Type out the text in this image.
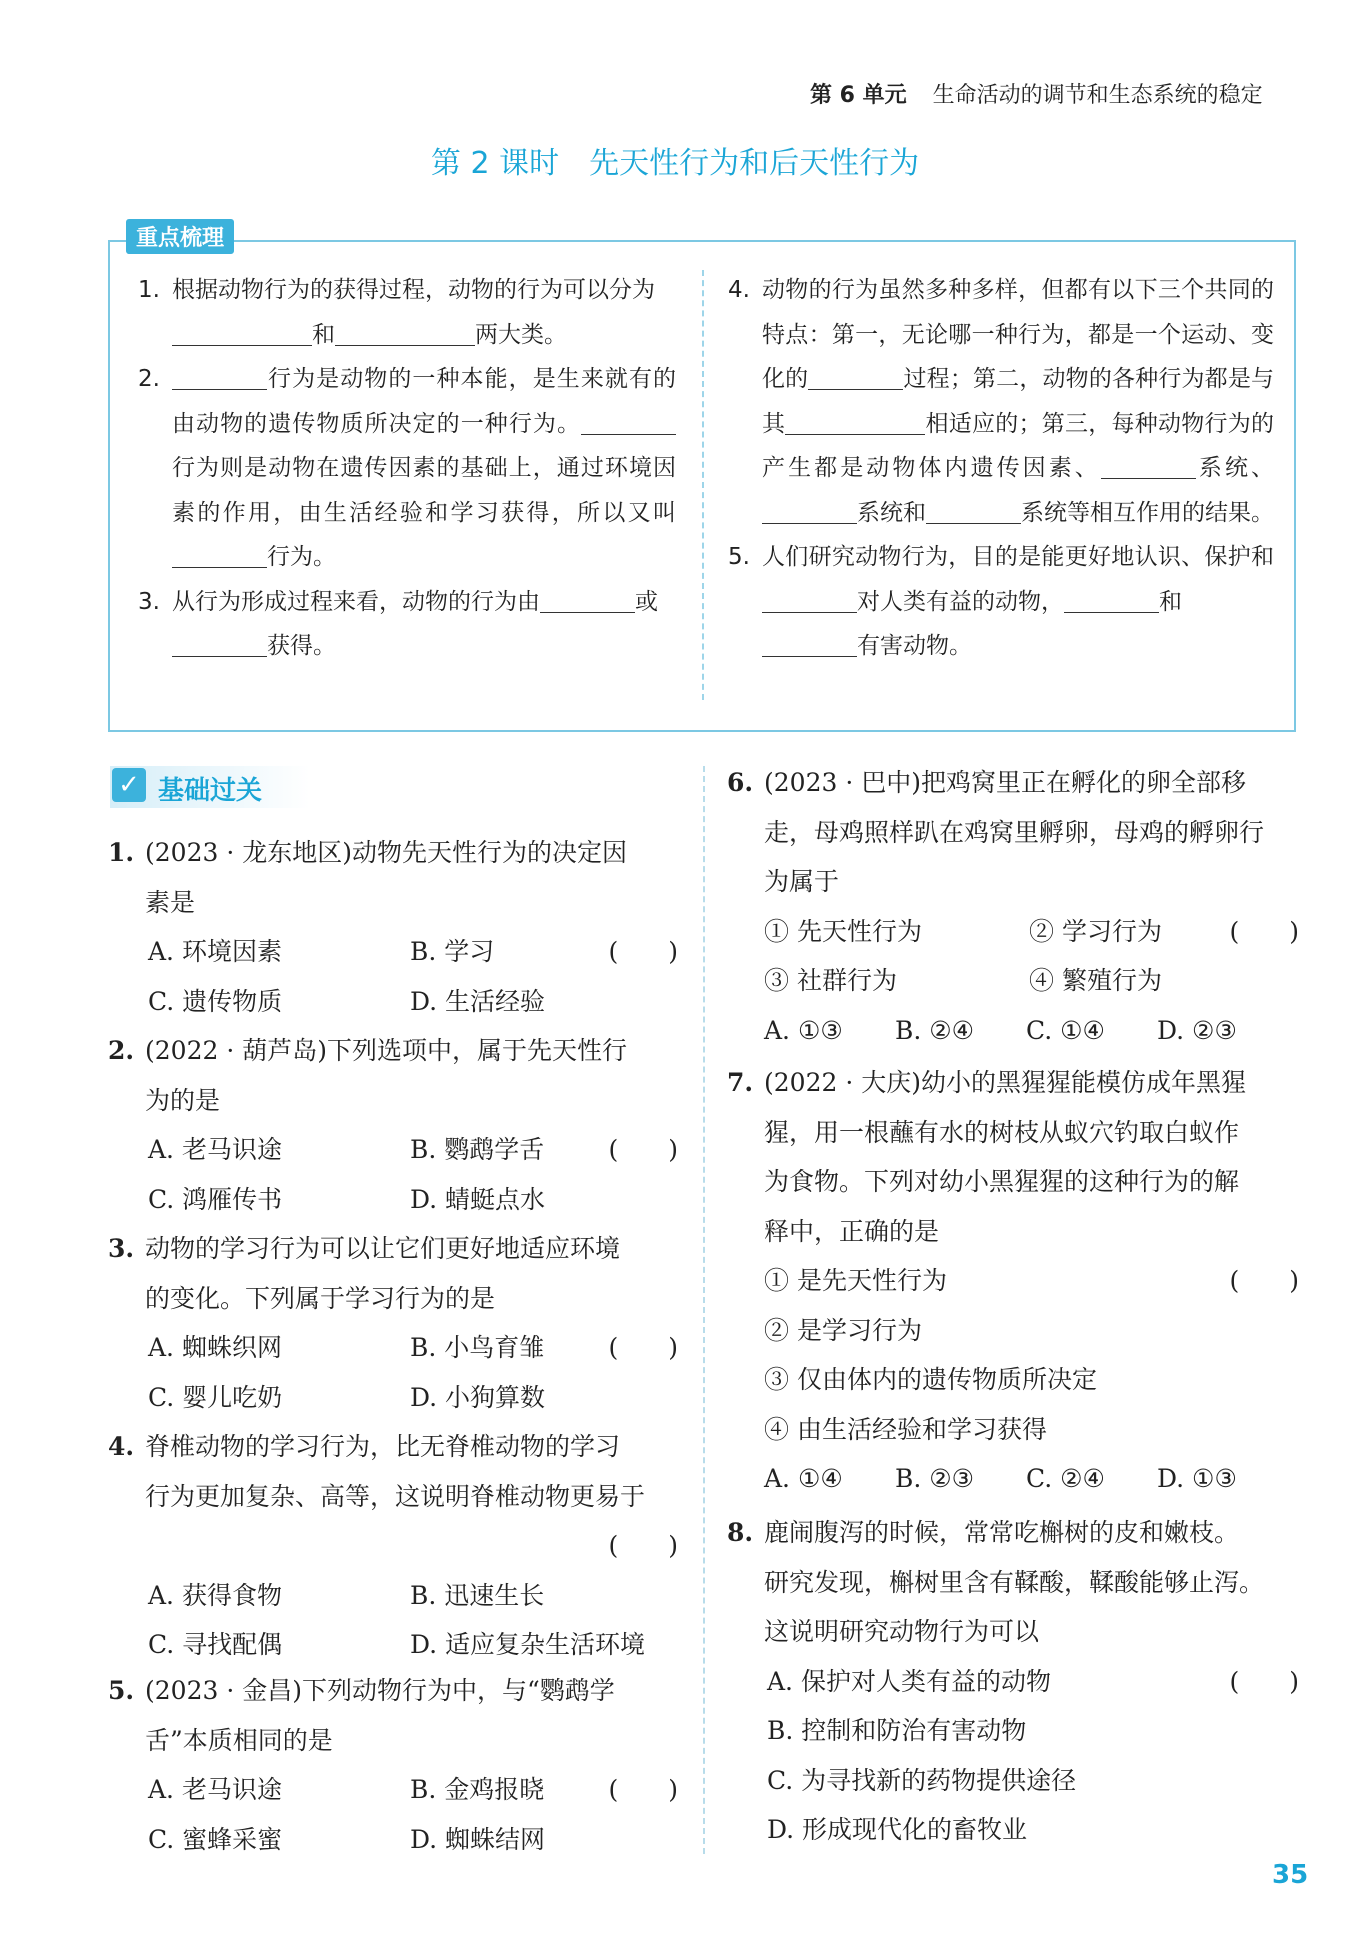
第 6 单元 生命活动的调节和生态系统的稳定
第 2 课时　先天性行为和后天性行为
重点梳理
1. 根据动物行为的获得过程，动物的行为可以分为
和	两大类。
2.	行为是动物的一种本能，是生来就有的由动物的遗传物质所决定的一种行为。行为则是动物在遗传因素的基础上，通过环境因素的作用，由生活经验和学习获得，所以又叫行为。
3. 从行为形成过程来看，动物的行为由	或
获得。
4. 动物的行为虽然多种多样，但都有以下三个共同的特点：第一，无论哪一种行为，都是一个运动、变化的	过程；第二，动物的各种行为都是与其	相适应的；第三，每种动物行为的产生都是动物体内遗传因素、	系统、系统和	系统等相互作用的结果。
5. 人们研究动物行为，目的是能更好地认识、保护和对人类有益的动物，	和
有害动物。
✓ 基础过关
1. (2023 · 龙东地区)动物先天性行为的决定因
素是
(　　)
A. 环境因素	B. 学习
C. 遗传物质	D. 生活经验
2. (2022 · 葫芦岛)下列选项中，属于先天性行
为的是
(　　)
A. 老马识途	B. 鹦鹉学舌
C. 鸿雁传书	D. 蜻蜓点水
3. 动物的学习行为可以让它们更好地适应环境
的变化。下列属于学习行为的是
(　　)
A. 蜘蛛织网	B. 小鸟育雏
C. 婴儿吃奶	D. 小狗算数
4. 脊椎动物的学习行为，比无脊椎动物的学习
行为更加复杂、高等，这说明脊椎动物更易于
(　　)
A. 获得食物	B. 迅速生长
C. 寻找配偶	D. 适应复杂生活环境
5. (2023 · 金昌)下列动物行为中，与“鹦鹉学
舌”本质相同的是
(　　)
A. 老马识途	B. 金鸡报晓
C. 蜜蜂采蜜	D. 蜘蛛结网
6. (2023 · 巴中)把鸡窝里正在孵化的卵全部移
走，母鸡照样趴在鸡窝里孵卵，母鸡的孵卵行
为属于
(　　)
① 先天性行为	② 学习行为
③ 社群行为	④ 繁殖行为
A. ①③ B. ②④ C. ①④ D. ②③
7. (2022 · 大庆)幼小的黑猩猩能模仿成年黑猩
猩，用一根蘸有水的树枝从蚁穴钓取白蚁作
为食物。下列对幼小黑猩猩的这种行为的解
释中，正确的是
(　　)
① 是先天性行为
② 是学习行为
③ 仅由体内的遗传物质所决定
④ 由生活经验和学习获得
A. ①④ B. ②③ C. ②④ D. ①③
8. 鹿闹腹泻的时候，常常吃槲树的皮和嫩枝。
研究发现，槲树里含有鞣酸，鞣酸能够止泻。
这说明研究动物行为可以
(　　)
A. 保护对人类有益的动物
B. 控制和防治有害动物
C. 为寻找新的药物提供途径
D. 形成现代化的畜牧业
35
